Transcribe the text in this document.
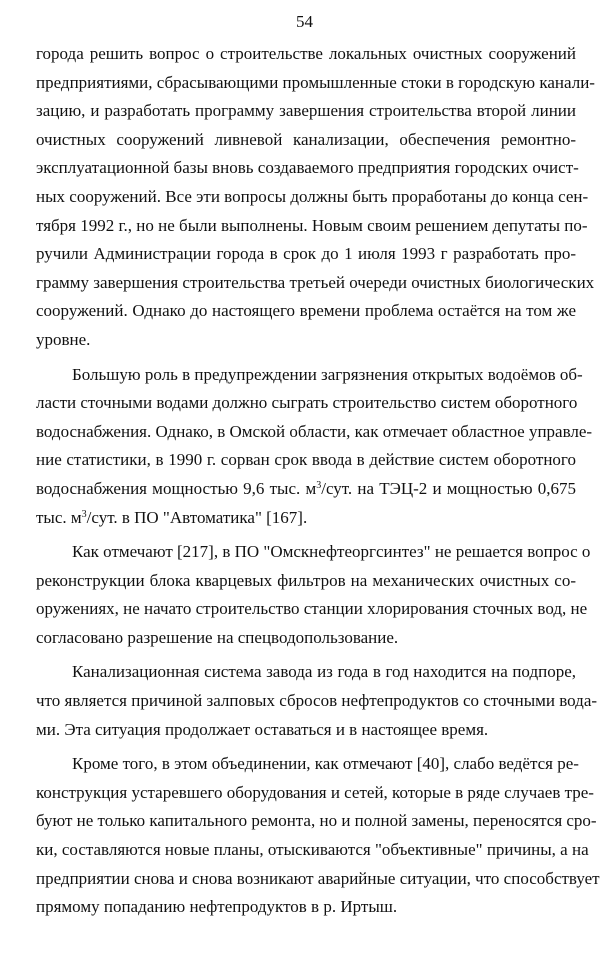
54
города решить вопрос о строительстве локальных очистных сооружений
предприятиями, сбрасывающими промышленные стоки в городскую канали-
зацию, и разработать программу завершения строительства второй линии
очистных сооружений ливневой канализации, обеспечения ремонтно-
эксплуатационной базы вновь создаваемого предприятия городских очист-
ных сооружений. Все эти вопросы должны быть проработаны до конца сен-
тября 1992 г., но не были выполнены. Новым своим решением депутаты по-
ручили Администрации города в срок до 1 июля 1993 г разработать про-
грамму завершения строительства третьей очереди очистных биологических
сооружений. Однако до настоящего времени проблема остаётся на том же
уровне.
Большую роль в предупреждении загрязнения открытых водоёмов об-
ласти сточными водами должно сыграть строительство систем оборотного
водоснабжения. Однако, в Омской области, как отмечает областное управле-
ние статистики, в 1990 г. сорван срок ввода в действие систем оборотного
водоснабжения мощностью 9,6 тыс. $м^3$/сут. на ТЭЦ-2 и мощностью 0,675
тыс. $м^3$/сут. в ПО "Автоматика" [167].
Как отмечают [217], в ПО "Омскнефтеоргсинтез" не решается вопрос о
реконструкции блока кварцевых фильтров на механических очистных со-
оружениях, не начато строительство станции хлорирования сточных вод, не
согласовано разрешение на спецводопользование.
Канализационная система завода из года в год находится на подпоре,
что является причиной залповых сбросов нефтепродуктов со сточными вода-
ми. Эта ситуация продолжает оставаться и в настоящее время.
Кроме того, в этом объединении, как отмечают [40], слабо ведётся ре-
конструкция устаревшего оборудования и сетей, которые в ряде случаев тре-
буют не только капитального ремонта, но и полной замены, переносятся сро-
ки, составляются новые планы, отыскиваются "объективные" причины, а на
предприятии снова и снова возникают аварийные ситуации, что способствует
прямому попаданию нефтепродуктов в р. Иртыш.
